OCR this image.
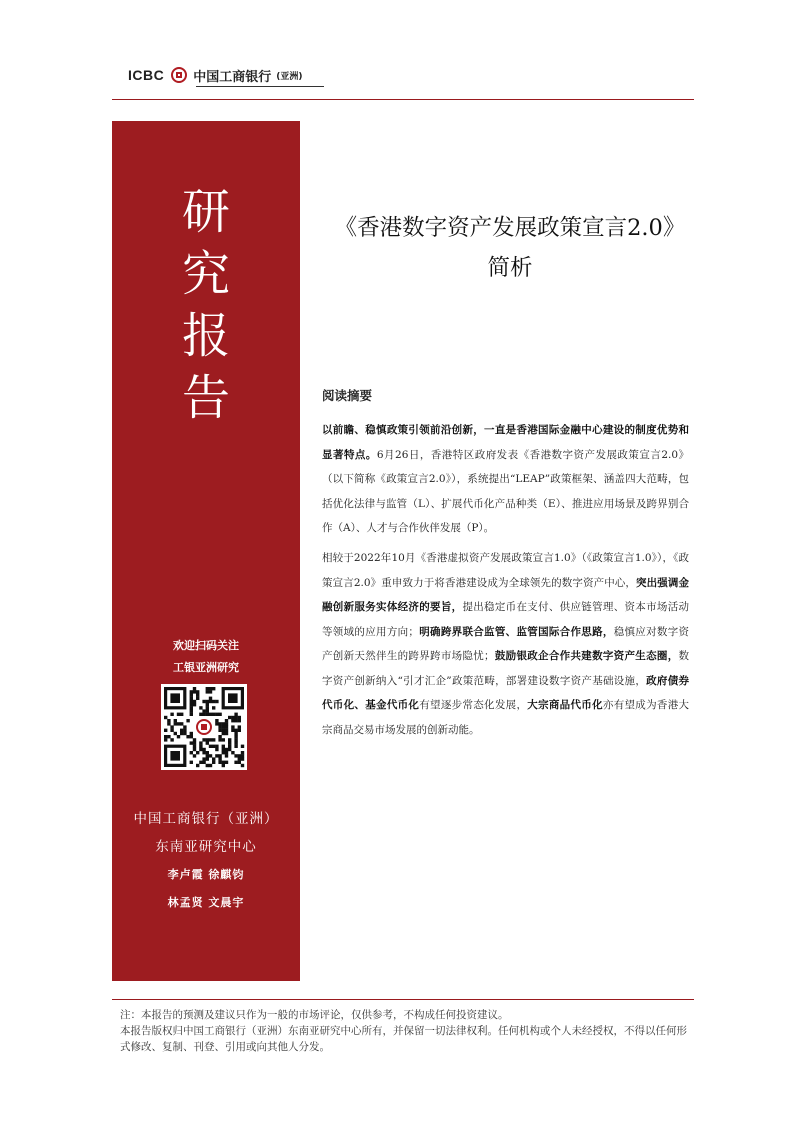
ICBC 中国工商银行 (亚洲)
研
究
报
告
欢迎扫码关注
工银亚洲研究
中国工商银行（亚洲）
东南亚研究中心
李卢霞 徐麒钧
林孟贤 文晨宇
《香港数字资产发展政策宣言2.0》
简析
阅读摘要
以前瞻、稳慎政策引领前沿创新，一直是香港国际金融中心建设的制度优势和显著特点。6月26日，香港特区政府发表《香港数字资产发展政策宣言2.0》（以下简称《政策宣言2.0》），系统提出“LEAP”政策框架、涵盖四大范畴，包括优化法律与监管（L）、扩展代币化产品种类（E）、推进应用场景及跨界别合作（A）、人才与合作伙伴发展（P）。
相较于2022年10月《香港虚拟资产发展政策宣言1.0》（《政策宣言1.0》），《政策宣言2.0》重申致力于将香港建设成为全球领先的数字资产中心，突出强调金融创新服务实体经济的要旨，提出稳定币在支付、供应链管理、资本市场活动等领域的应用方向；明确跨界联合监管、监管国际合作思路，稳慎应对数字资产创新天然伴生的跨界跨市场隐忧；鼓励银政企合作共建数字资产生态圈，数字资产创新纳入“引才汇企”政策范畴，部署建设数字资产基础设施，政府债券代币化、基金代币化有望逐步常态化发展，大宗商品代币化亦有望成为香港大宗商品交易市场发展的创新动能。
注：本报告的预测及建议只作为一般的市场评论，仅供参考，不构成任何投资建议。
本报告版权归中国工商银行（亚洲）东南亚研究中心所有，并保留一切法律权利。任何机构或个人未经授权，不得以任何形式修改、复制、刊登、引用或向其他人分发。
